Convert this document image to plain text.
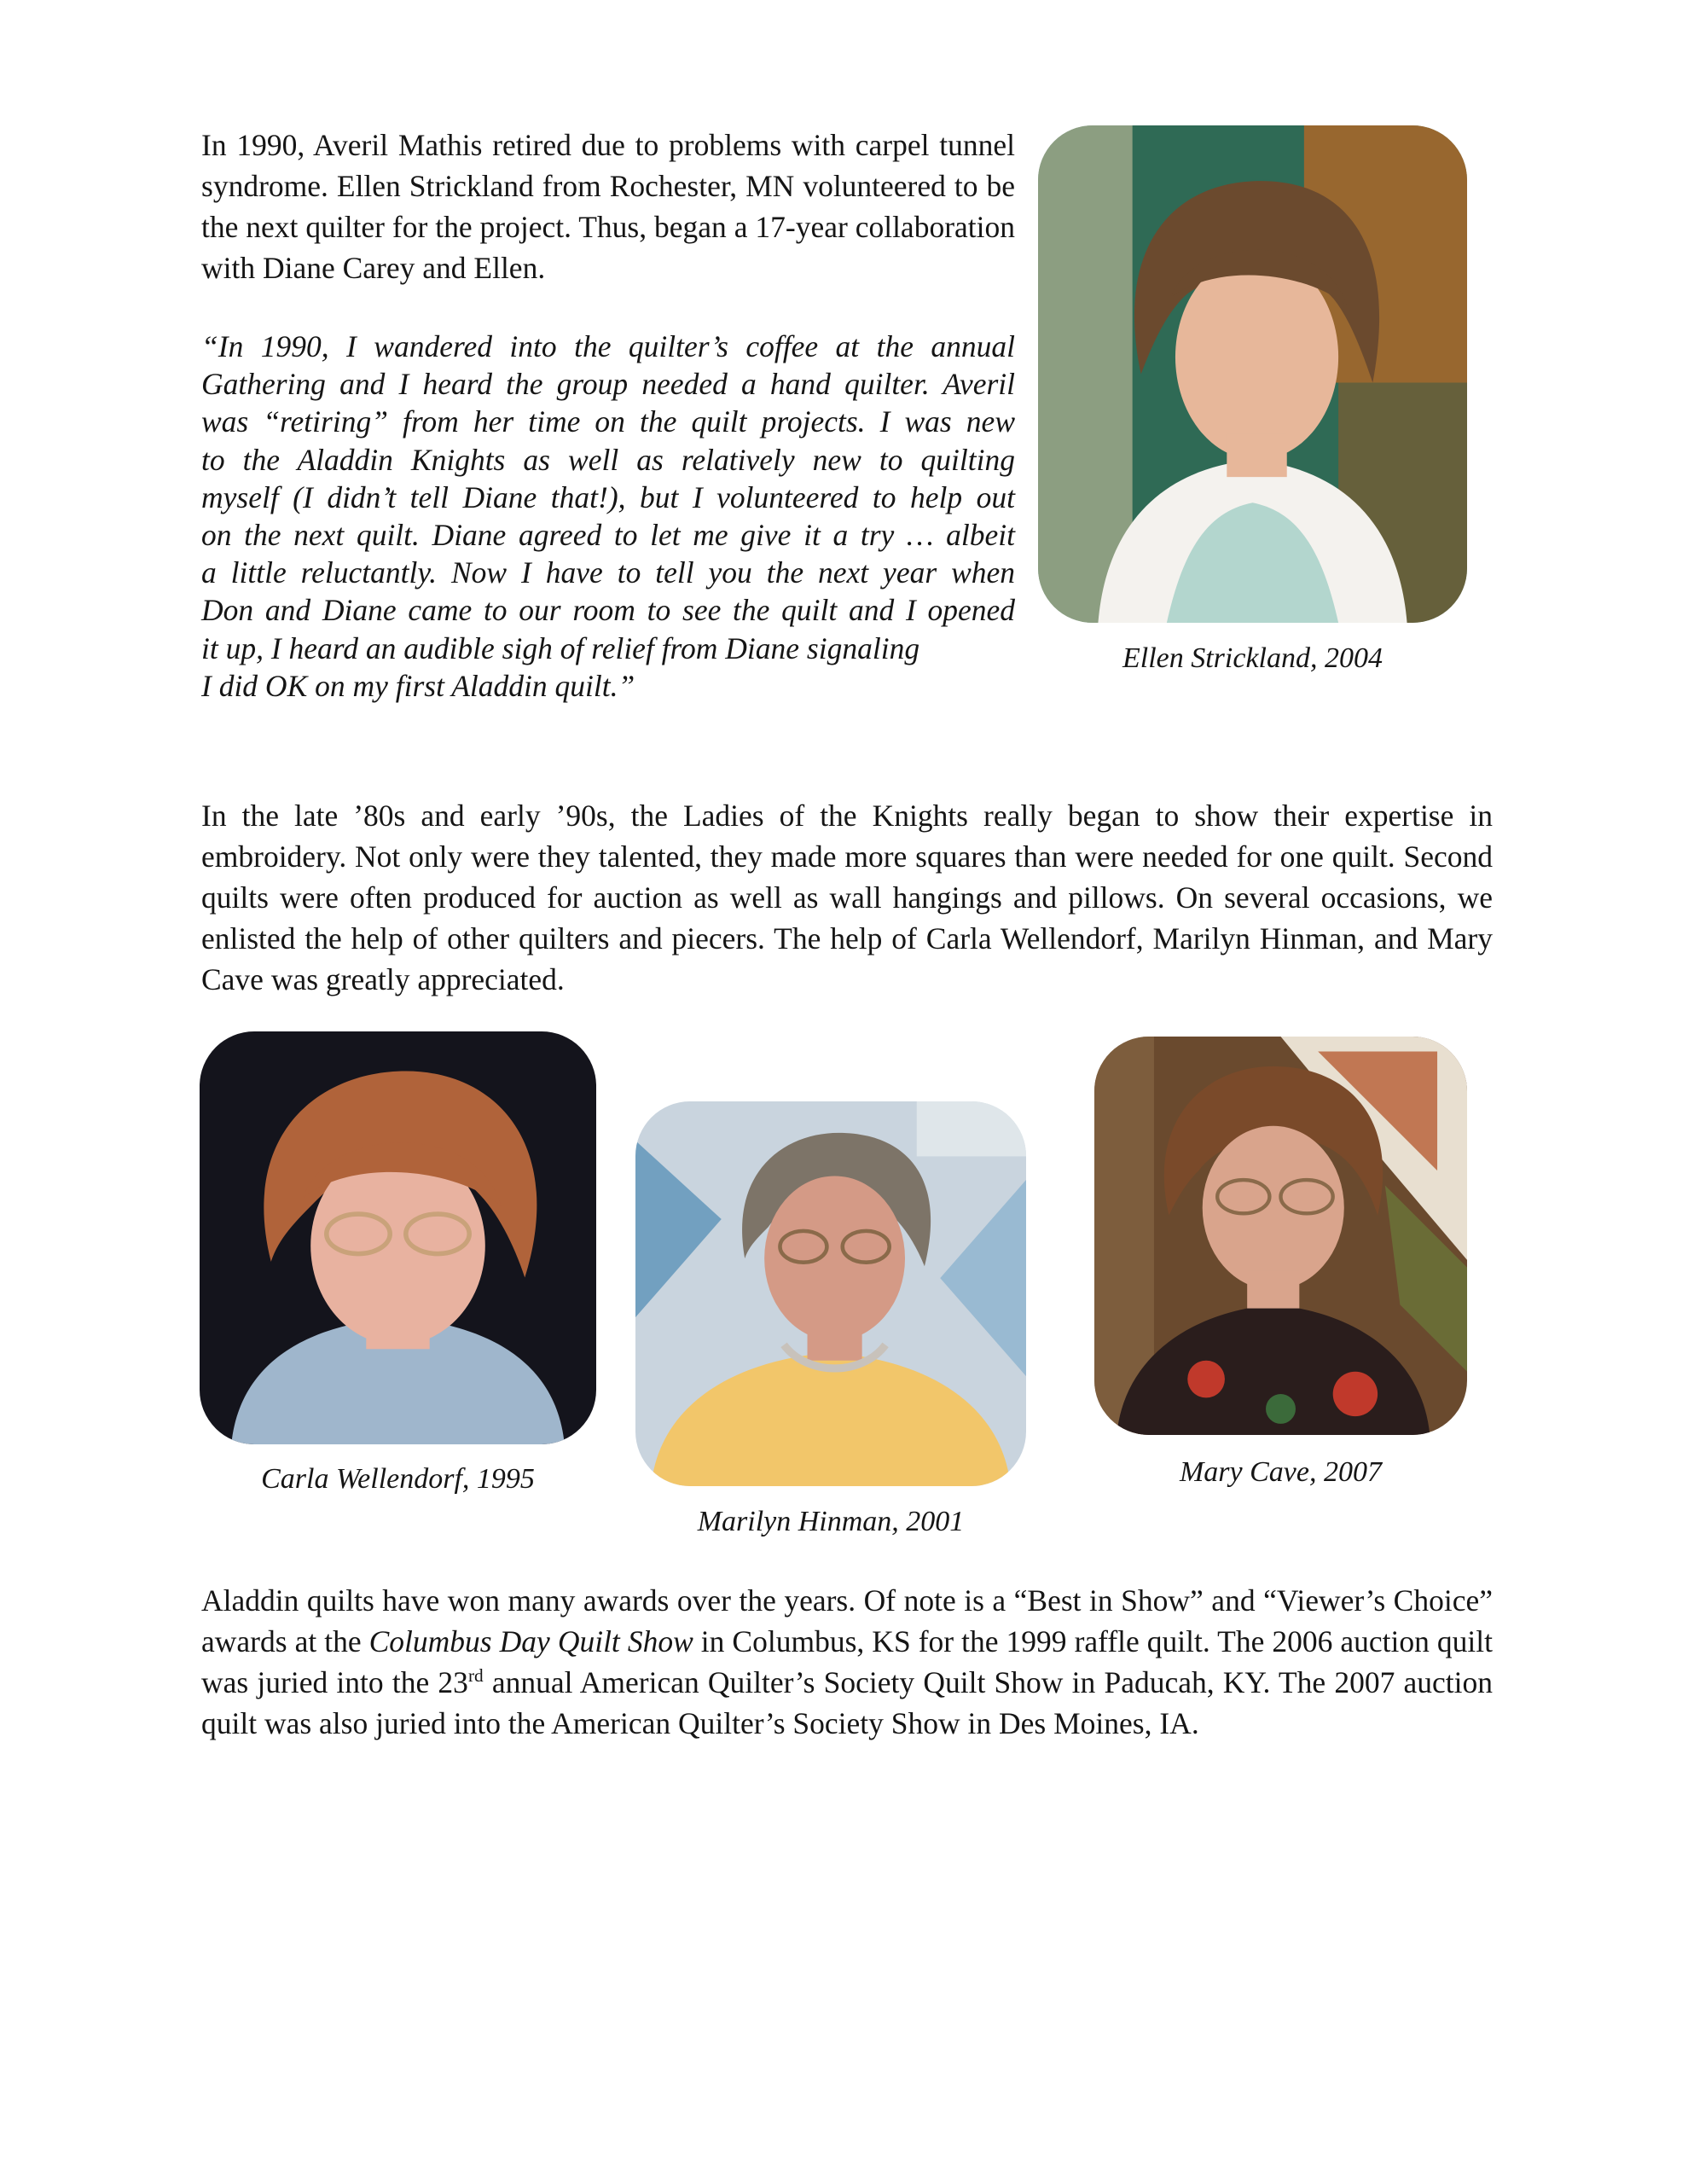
In 1990, Averil Mathis retired due to problems with carpel tunnel syndrome. Ellen Strickland from Rochester, MN volunteered to be the next quilter for the project. Thus, began a 17-year collaboration with Diane Carey and Ellen.

“In 1990, I wandered into the quilter’s coffee at the annual

Gathering and I heard the group needed a hand quilter. Averil

was “retiring” from her time on the quilt projects. I was new

to the Aladdin Knights as well as relatively new to quilting

myself (I didn’t tell Diane that!), but I volunteered to help out

on the next quilt. Diane agreed to let me give it a try … albeit

a little reluctantly. Now I have to tell you the next year when

Don and Diane came to our room to see the quilt and I opened

it up, I heard an audible sigh of relief from Diane signaling

I did OK on my first Aladdin quilt.”

Ellen Strickland, 2004

In the late ’80s and early ’90s, the Ladies of the Knights really began to show their expertise in embroidery. Not only were they talented, they made more squares than were needed for one quilt. Second quilts were often produced for auction as well as wall hangings and pillows. On several occasions, we enlisted the help of other quilters and piecers. The help of Carla Wellendorf, Marilyn Hinman, and Mary Cave was greatly appreciated.

Carla Wellendorf, 1995
Marilyn Hinman, 2001
Mary Cave, 2007

Aladdin quilts have won many awards over the years. Of note is a “Best in Show” and “Viewer’s Choice” awards at the Columbus Day Quilt Show in Columbus, KS for the 1999 raffle quilt. The 2006 auction quilt was juried into the 23rd annual American Quilter’s Society Quilt Show in Paducah, KY. The 2007 auction quilt was also juried into the American Quilter’s Society Show in Des Moines, IA.
